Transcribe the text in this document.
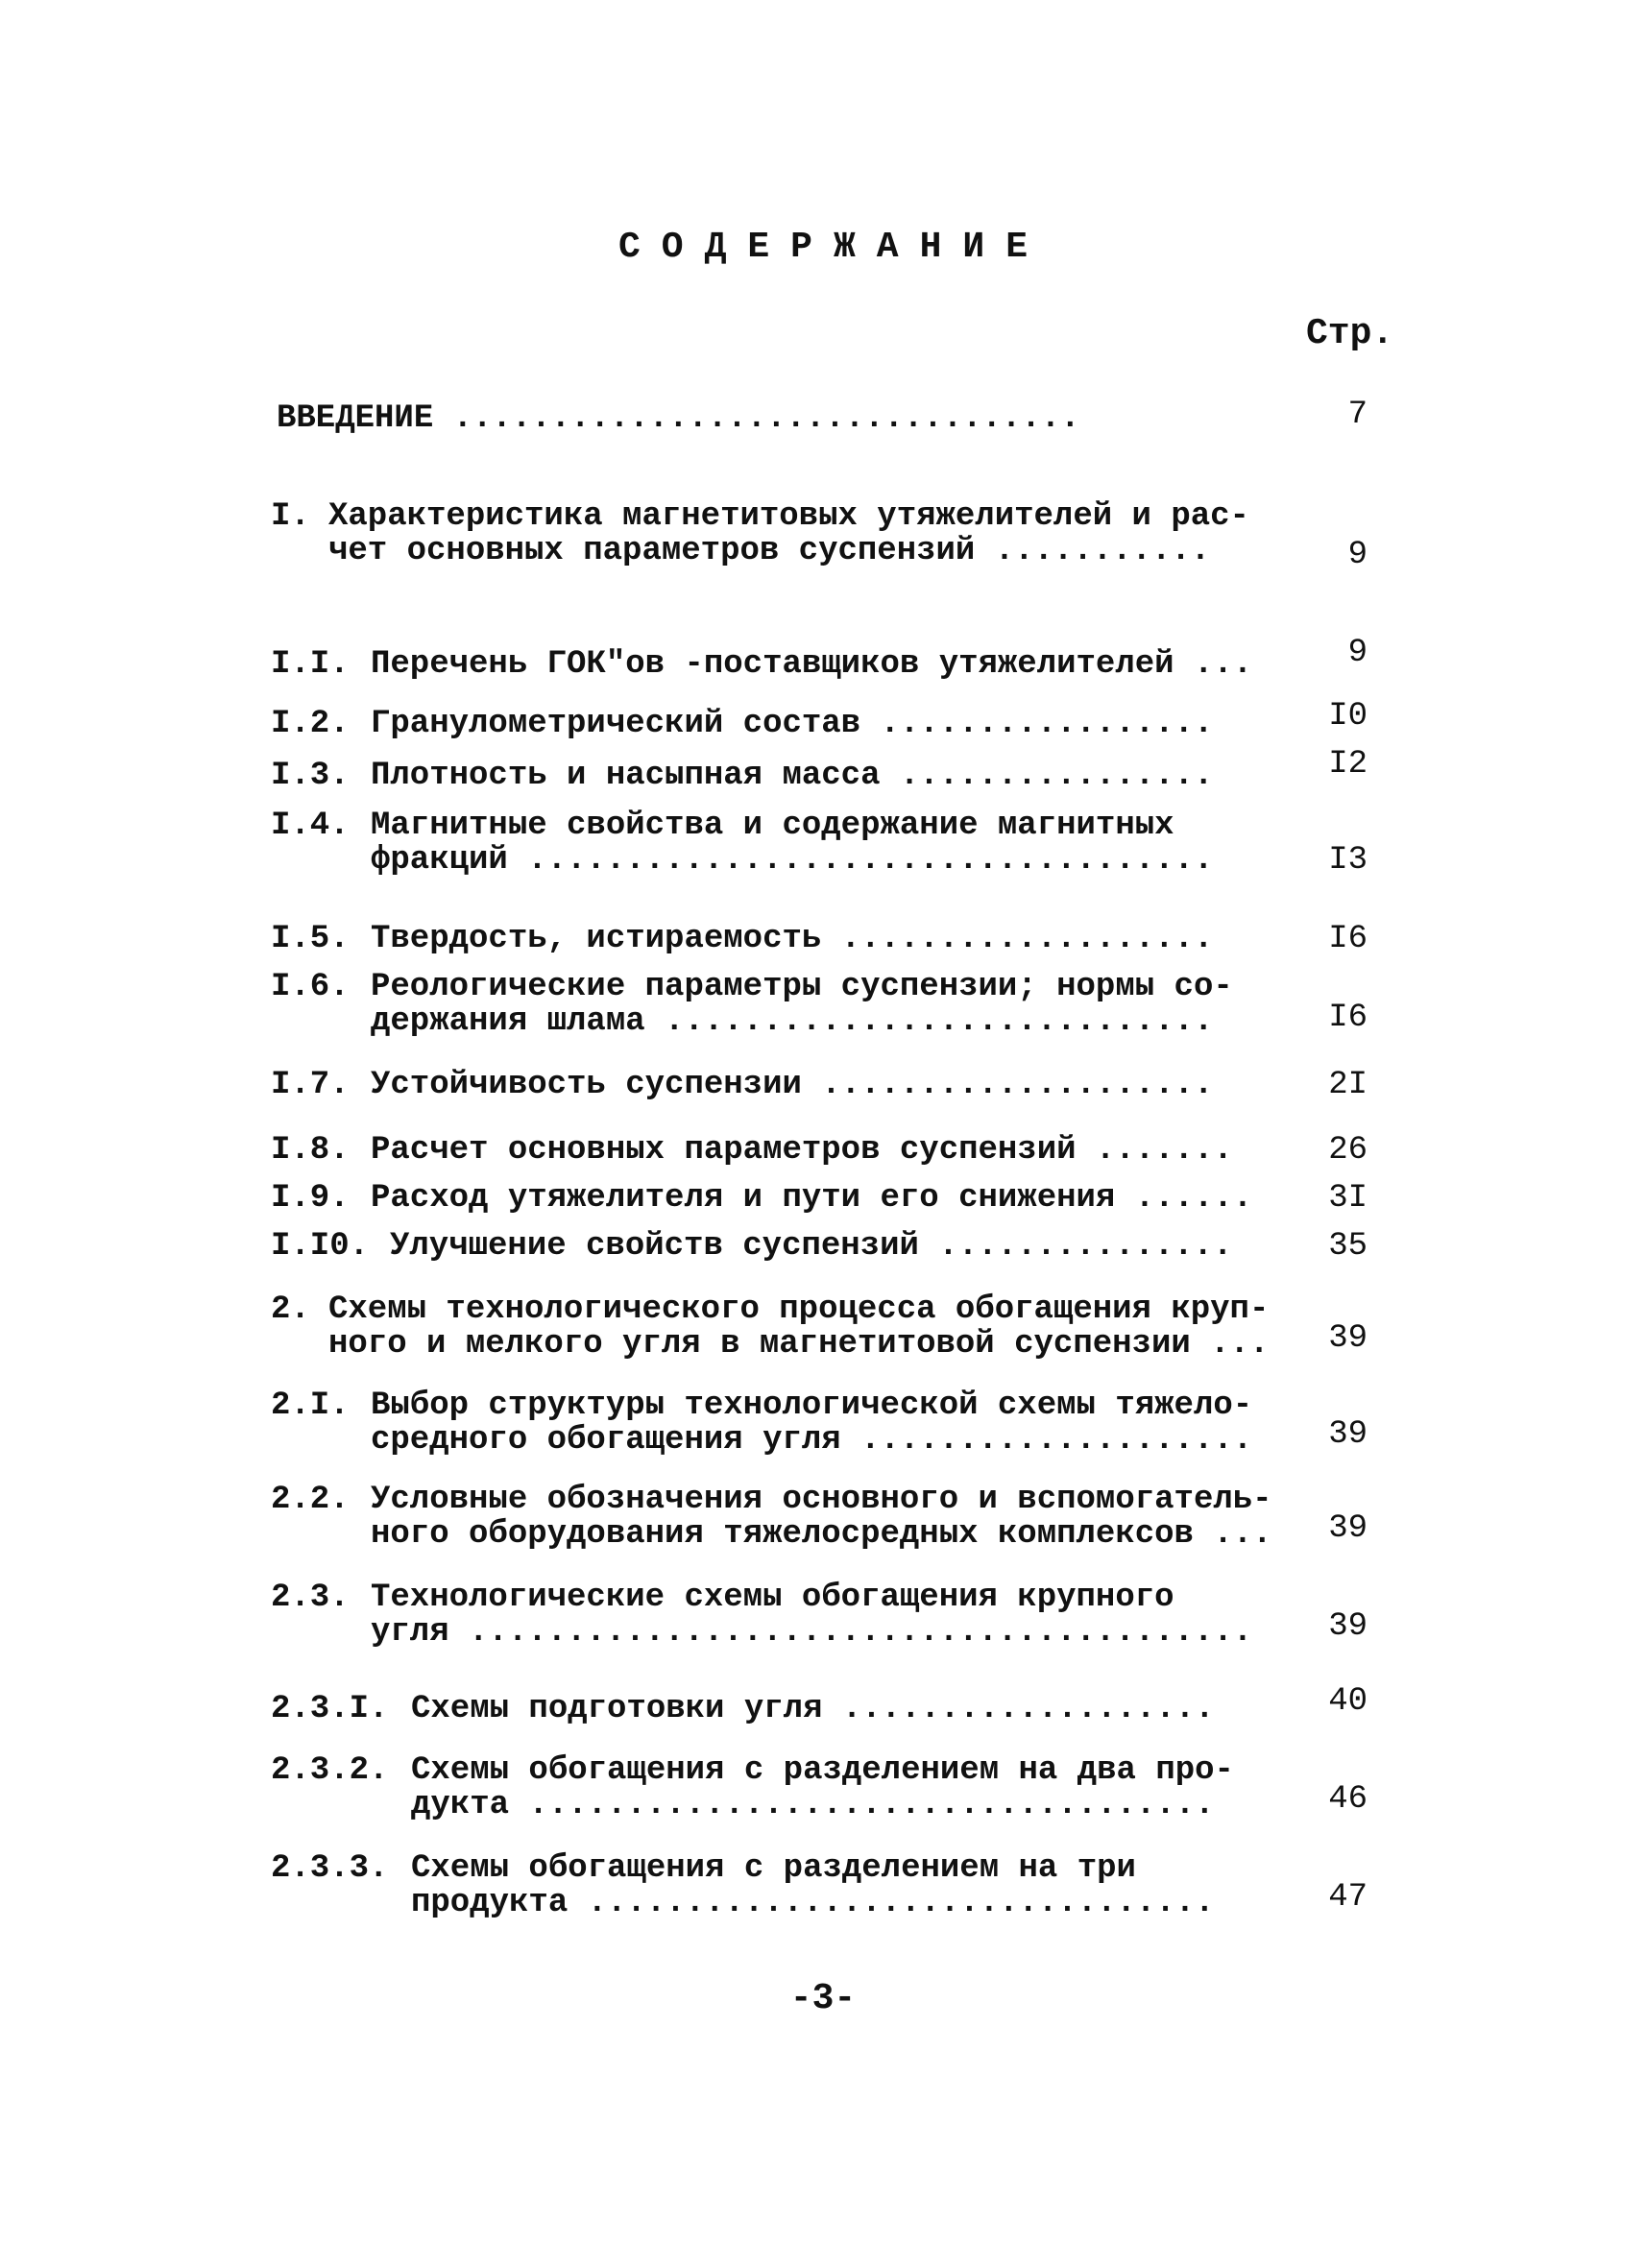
СОДЕРЖАНИЕ
Стр.
ВВЕДЕНИЕ ................................	7
I. Характеристика магнетитовых утяжелителей и рас-
чет основных параметров суспензий ...........	9
I.I. Перечень ГОК"ов -поставщиков утяжелителей ...	9
I.2. Гранулометрический состав .................	I0
I.3. Плотность и насыпная масса ................	I2
I.4. Магнитные свойства и содержание магнитных
фракций ...................................	I3
I.5. Твердость, истираемость ...................	I6
I.6. Реологические параметры суспензии; нормы со-
держания шлама ............................	I6
I.7. Устойчивость суспензии ....................	2I
I.8. Расчет основных параметров суспензий .......	26
I.9. Расход утяжелителя и пути его снижения ......	3I
I.I0. Улучшение свойств суспензий ...............	35
2. Схемы технологического процесса обогащения круп-
ного и мелкого угля в магнетитовой суспензии ...	39
2.I. Выбор структуры технологической схемы тяжело-
средного обогащения угля ....................	39
2.2. Условные обозначения основного и вспомогатель-
ного оборудования тяжелосредных комплексов ...	39
2.3. Технологические схемы обогащения крупного
угля ........................................	39
2.3.I. Схемы подготовки угля ...................	40
2.3.2. Схемы обогащения с разделением на два про-
дукта ...................................	46
2.3.3. Схемы обогащения с разделением на три
продукта ................................	47
-3-
